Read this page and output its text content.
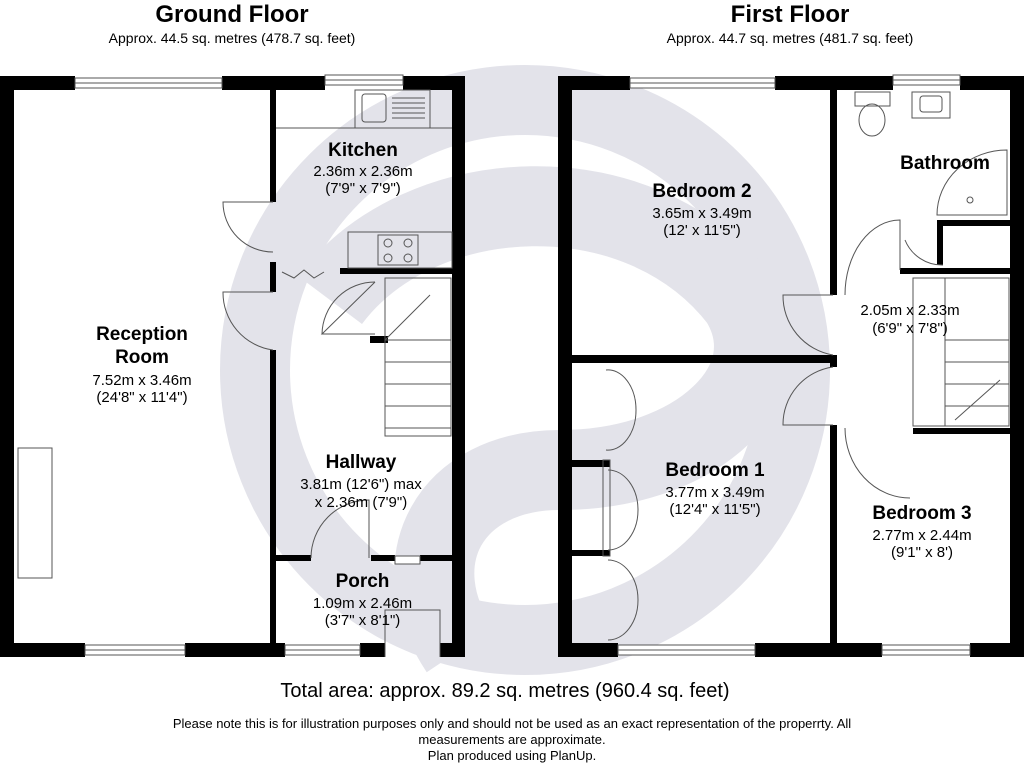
Ground Floor
Approx. 44.5 sq. metres (478.7 sq. feet)
First Floor
Approx. 44.7 sq. metres (481.7 sq. feet)
Reception
Room
7.52m x 3.46m
(24'8" x 11'4")
Kitchen
2.36m x 2.36m
(7'9" x 7'9")
Hallway
3.81m (12'6") max
x 2.36m (7'9")
Porch
1.09m x 2.46m
(3'7" x 8'1")
Bedroom 2
3.65m x 3.49m
(12' x 11'5")
Bathroom
2.05m x 2.33m
(6'9" x 7'8")
Bedroom 1
3.77m x 3.49m
(12'4" x 11'5")	Bedroom 3
2.77m x 2.44m
(9'1" x 8')
Total area: approx. 89.2 sq. metres (960.4 sq. feet)
Please note this is for illustration purposes only and should not be used as an exact representation of the properrty. All
measurements are approximate.
Plan produced using PlanUp.
